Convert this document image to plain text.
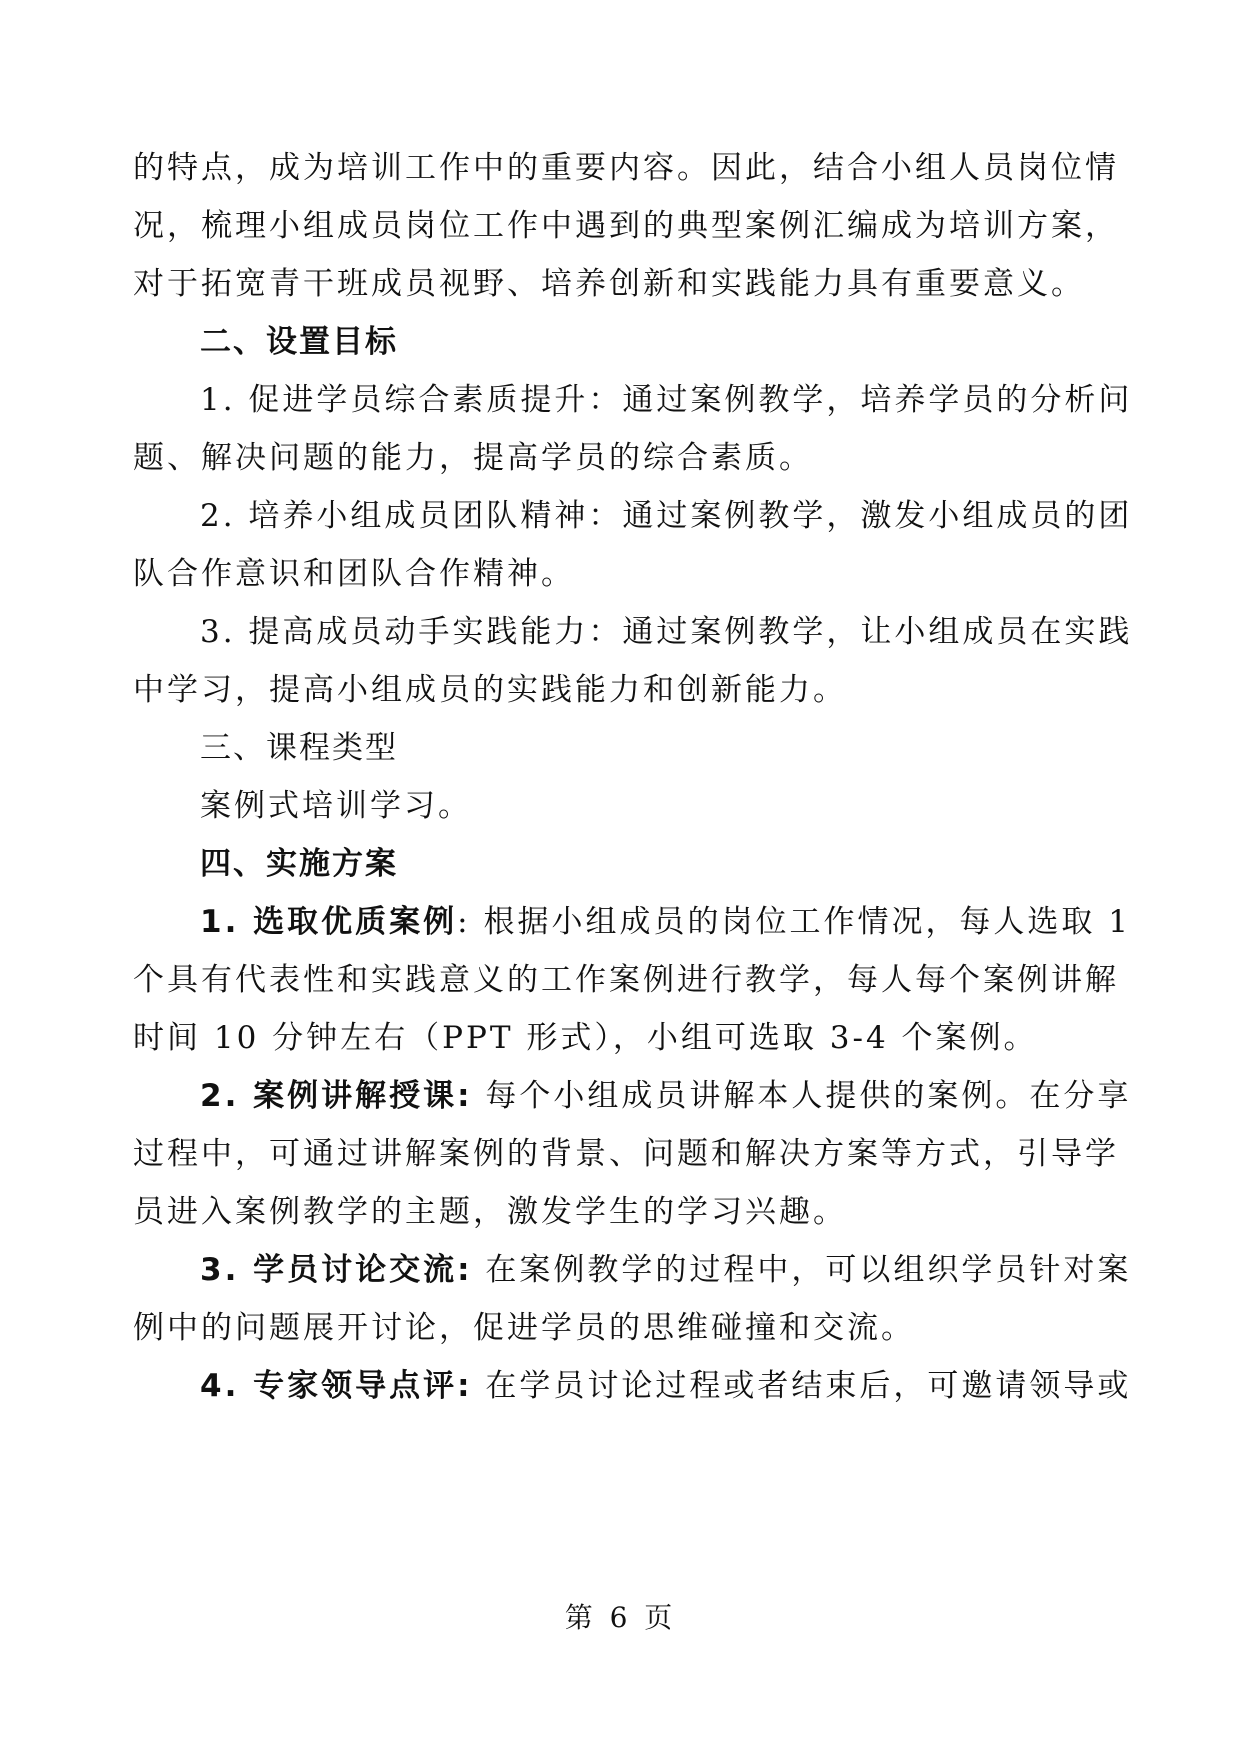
的特点，成为培训工作中的重要内容。因此，结合小组人员岗位情
况，梳理小组成员岗位工作中遇到的典型案例汇编成为培训方案，
对于拓宽青干班成员视野、培养创新和实践能力具有重要意义。
二、设置目标
1. 促进学员综合素质提升：通过案例教学，培养学员的分析问
题、解决问题的能力，提高学员的综合素质。
2. 培养小组成员团队精神：通过案例教学，激发小组成员的团
队合作意识和团队合作精神。
3. 提高成员动手实践能力：通过案例教学，让小组成员在实践
中学习，提高小组成员的实践能力和创新能力。
三、课程类型
案例式培训学习。
四、实施方案
1. 选取优质案例: 根据小组成员的岗位工作情况，每人选取 1
个具有代表性和实践意义的工作案例进行教学，每人每个案例讲解
时间 10 分钟左右（PPT 形式），小组可选取 3-4 个案例。
2. 案例讲解授课: 每个小组成员讲解本人提供的案例。在分享
过程中，可通过讲解案例的背景、问题和解决方案等方式，引导学
员进入案例教学的主题，激发学生的学习兴趣。
3. 学员讨论交流: 在案例教学的过程中，可以组织学员针对案
例中的问题展开讨论，促进学员的思维碰撞和交流。
4. 专家领导点评: 在学员讨论过程或者结束后，可邀请领导或
第 6 页
